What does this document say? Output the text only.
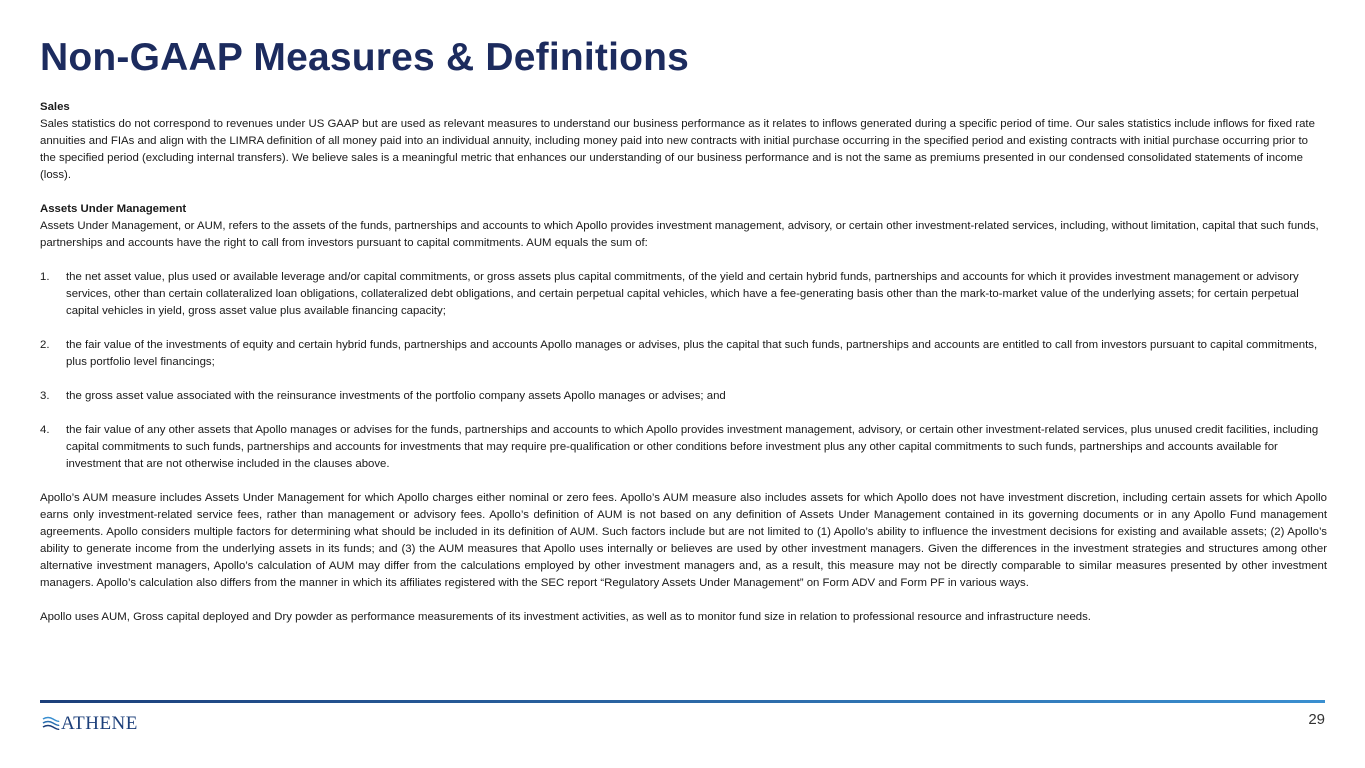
Non-GAAP Measures & Definitions

Sales

Sales statistics do not correspond to revenues under US GAAP but are used as relevant measures to understand our business performance as it relates to inflows generated during a specific period of time. Our sales statistics include inflows for fixed rate annuities and FIAs and align with the LIMRA definition of all money paid into an individual annuity, including money paid into new contracts with initial purchase occurring in the specified period and existing contracts with initial purchase occurring prior to the specified period (excluding internal transfers). We believe sales is a meaningful metric that enhances our understanding of our business performance and is not the same as premiums presented in our condensed consolidated statements of income (loss).

Assets Under Management

Assets Under Management, or AUM, refers to the assets of the funds, partnerships and accounts to which Apollo provides investment management, advisory, or certain other investment-related services, including, without limitation, capital that such funds, partnerships and accounts have the right to call from investors pursuant to capital commitments. AUM equals the sum of:

1.	the net asset value, plus used or available leverage and/or capital commitments, or gross assets plus capital commitments, of the yield and certain hybrid funds, partnerships and accounts for which it provides investment management or advisory services, other than certain collateralized loan obligations, collateralized debt obligations, and certain perpetual capital vehicles, which have a fee-generating basis other than the mark-to-market value of the underlying assets; for certain perpetual capital vehicles in yield, gross asset value plus available financing capacity;
2.	the fair value of the investments of equity and certain hybrid funds, partnerships and accounts Apollo manages or advises, plus the capital that such funds, partnerships and accounts are entitled to call from investors pursuant to capital commitments, plus portfolio level financings;
3.	the gross asset value associated with the reinsurance investments of the portfolio company assets Apollo manages or advises; and
4.	the fair value of any other assets that Apollo manages or advises for the funds, partnerships and accounts to which Apollo provides investment management, advisory, or certain other investment-related services, plus unused credit facilities, including capital commitments to such funds, partnerships and accounts for investments that may require pre-qualification or other conditions before investment plus any other capital commitments to such funds, partnerships and accounts available for investment that are not otherwise included in the clauses above.

Apollo’s AUM measure includes Assets Under Management for which Apollo charges either nominal or zero fees. Apollo’s AUM measure also includes assets for which Apollo does not have investment discretion, including certain assets for which Apollo earns only investment-related service fees, rather than management or advisory fees. Apollo’s definition of AUM is not based on any definition of Assets Under Management contained in its governing documents or in any Apollo Fund management agreements. Apollo considers multiple factors for determining what should be included in its definition of AUM. Such factors include but are not limited to (1) Apollo’s ability to influence the investment decisions for existing and available assets; (2) Apollo’s ability to generate income from the underlying assets in its funds; and (3) the AUM measures that Apollo uses internally or believes are used by other investment managers. Given the differences in the investment strategies and structures among other alternative investment managers, Apollo’s calculation of AUM may differ from the calculations employed by other investment managers and, as a result, this measure may not be directly comparable to similar measures presented by other investment managers. Apollo’s calculation also differs from the manner in which its affiliates registered with the SEC report “Regulatory Assets Under Management” on Form ADV and Form PF in various ways.

Apollo uses AUM, Gross capital deployed and Dry powder as performance measurements of its investment activities, as well as to monitor fund size in relation to professional resource and infrastructure needs.

ATHENE	29
